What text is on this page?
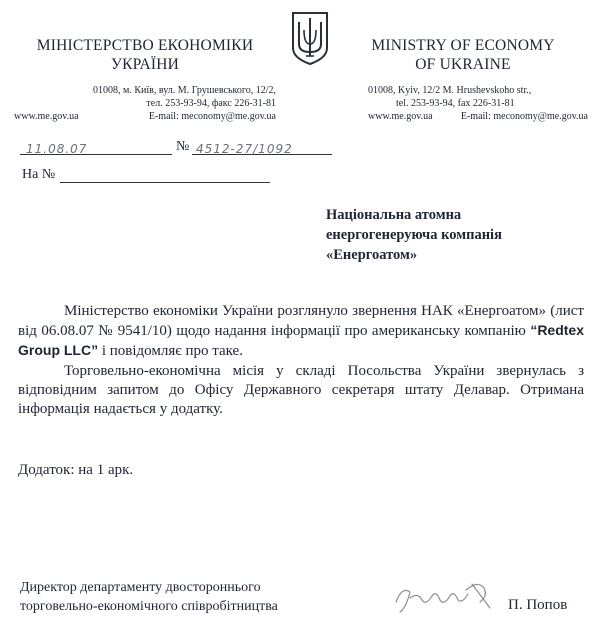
МІНІСТЕРСТВО ЕКОНОМІКИ
УКРАЇНИ
01008, м. Київ, вул. М. Грушевського, 12/2,
тел. 253-93-94, факс 226-31-81
www.me.gov.ua	E-mail: meconomy@me.gov.ua
MINISTRY OF ECONOMY
OF UKRAINE
01008, Kyiv, 12/2 M. Hrushevskoho str.,
tel. 253-93-94, fax 226-31-81
www.me.gov.ua	E-mail: meconomy@me.gov.ua
11.08.07	№ 4512-27/1092
На №
Національна атомна
енергогенеруюча компанія
«Енергоатом»
Міністерство економіки України розглянуло звернення НАК «Енергоатом» (лист від 06.08.07 № 9541/10) щодо надання інформації про американську компанію “Redtex Group LLC” і повідомляє про таке.
Торговельно-економічна місія у складі Посольства України звернулась з відповідним запитом до Офісу Державного секретаря штату Делавар. Отримана інформація надається у додатку.
Додаток: на 1 арк.
Директор департаменту двостороннього
торговельно-економічного співробітництва	П. Попов
